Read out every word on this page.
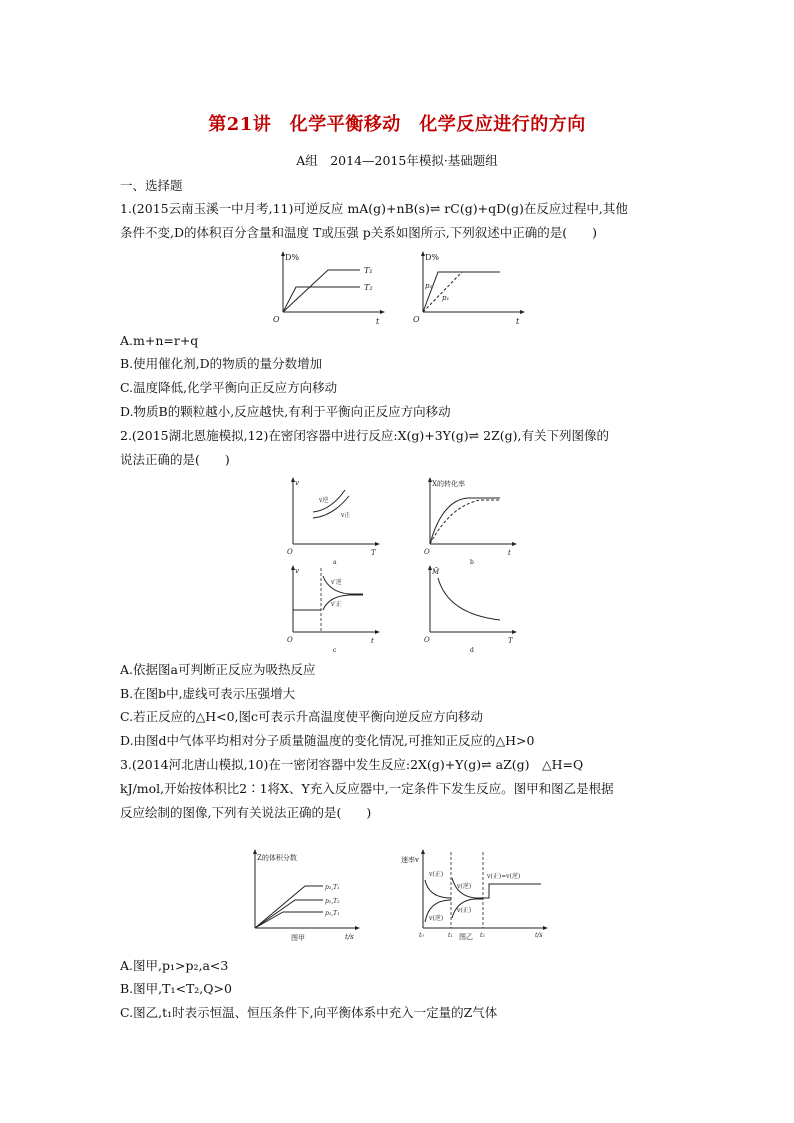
第21讲　化学平衡移动　化学反应进行的方向
A组　2014—2015年模拟·基础题组
一、选择题
1.(2015云南玉溪一中月考,11)可逆反应 mA(g)+nB(s)⇌ rC(g)+qD(g)在反应过程中,其他
条件不变,D的体积百分含量和温度 T或压强 p关系如图所示,下列叙述中正确的是(　　)
D%
O	t
T₁
T₂
D%
O	t
p₂
p₁
A.m+n=r+q
B.使用催化剂,D的物质的量分数增加
C.温度降低,化学平衡向正反应方向移动
D.物质B的颗粒越小,反应越快,有利于平衡向正反应方向移动
2.(2015湖北恩施模拟,12)在密闭容器中进行反应:X(g)+3Y(g)⇌ 2Z(g),有关下列图像的
说法正确的是(　　)
v
O	T
v逆
v正
a
X的转化率
O	t
b
v
O	t
v′逆
v′正
c
M̄
O	T
d
A.依据图a可判断正反应为吸热反应
B.在图b中,虚线可表示压强增大
C.若正反应的△H<0,图c可表示升高温度使平衡向逆反应方向移动
D.由图d中气体平均相对分子质量随温度的变化情况,可推知正反应的△H>0
3.(2014河北唐山模拟,10)在一密闭容器中发生反应:2X(g)+Y(g)⇌ aZ(g)　△H=Q
kJ/mol,开始按体积比2∶1将X、Y充入反应器中,一定条件下发生反应。图甲和图乙是根据
反应绘制的图像,下列有关说法正确的是(　　)
Z的体积分数
t/s
p₂,T₁
p₁,T₂
p₁,T₁
图甲
速率v
v(正)
v(逆)
v(逆)
v(正)
v(正)=v(逆)
t₀	t₁	t₂	t/s
图乙
A.图甲,p₁>p₂,a<3
B.图甲,T₁<T₂,Q>0
C.图乙,t₁时表示恒温、恒压条件下,向平衡体系中充入一定量的Z气体
